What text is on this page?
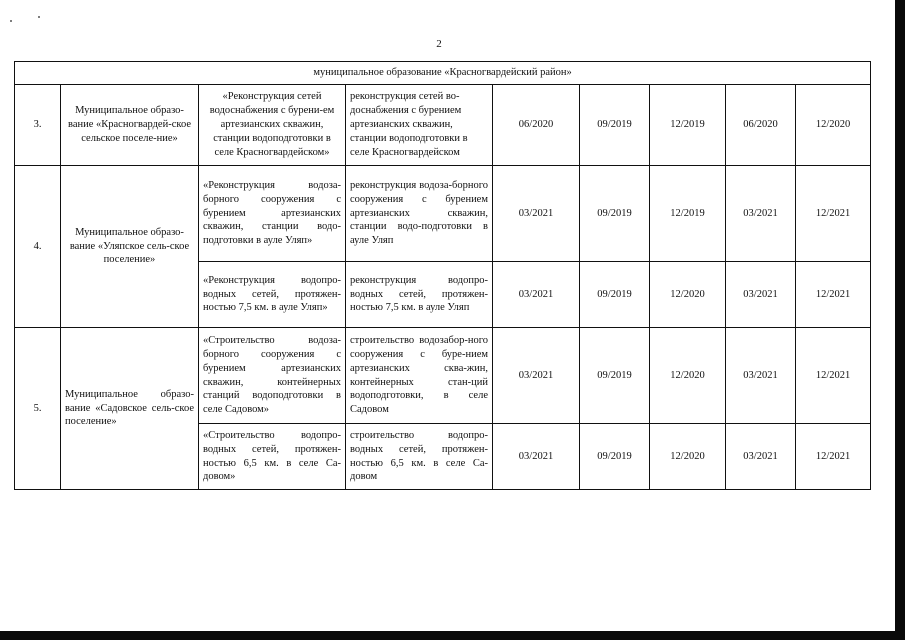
2
муниципальное образование «Красногвардейский район»								
3.	Муниципальное образо-вание «Красногвардей-ское сельское поселе-ние»	«Реконструкция сетей водоснабжения с бурени-ем артезианских скважин, станции водоподготовки в селе Красногвардейском»	реконструкция сетей во-доснабжения с бурением артезианских скважин, станции водоподготовки в селе Красногвардейском	06/2020	09/2019	12/2019	06/2020	12/2020
4.	Муниципальное образо-вание «Уляпское сель-ское поселение»	«Реконструкция водоза-борного сооружения с бурением артезианских скважин, станции водо-подготовки в ауле Уляп»	реконструкция водоза-борного сооружения с бурением артезианских скважин, станции водо-подготовки в ауле Уляп	03/2021	09/2019	12/2019	03/2021	12/2021
		«Реконструкция водопро-водных сетей, протяжен-ностью 7,5 км. в ауле Уляп»	реконструкция водопро-водных сетей, протяжен-ностью 7,5 км. в ауле Уляп	03/2021	09/2019	12/2020	03/2021	12/2021
5.	Муниципальное образо-вание «Садовское сель-ское поселение»	«Строительство водоза-борного сооружения с бурением артезианских скважин, контейнерных станций водоподготовки в селе Садовом»	строительство водозабор-ного сооружения с буре-нием артезианских сква-жин, контейнерных стан-ций водоподготовки, в селе Садовом	03/2021	09/2019	12/2020	03/2021	12/2021
		«Строительство водопро-водных сетей, протяжен-ностью 6,5 км. в селе Са-довом»	строительство водопро-водных сетей, протяжен-ностью 6,5 км. в селе Са-довом	03/2021	09/2019	12/2020	03/2021	12/2021
